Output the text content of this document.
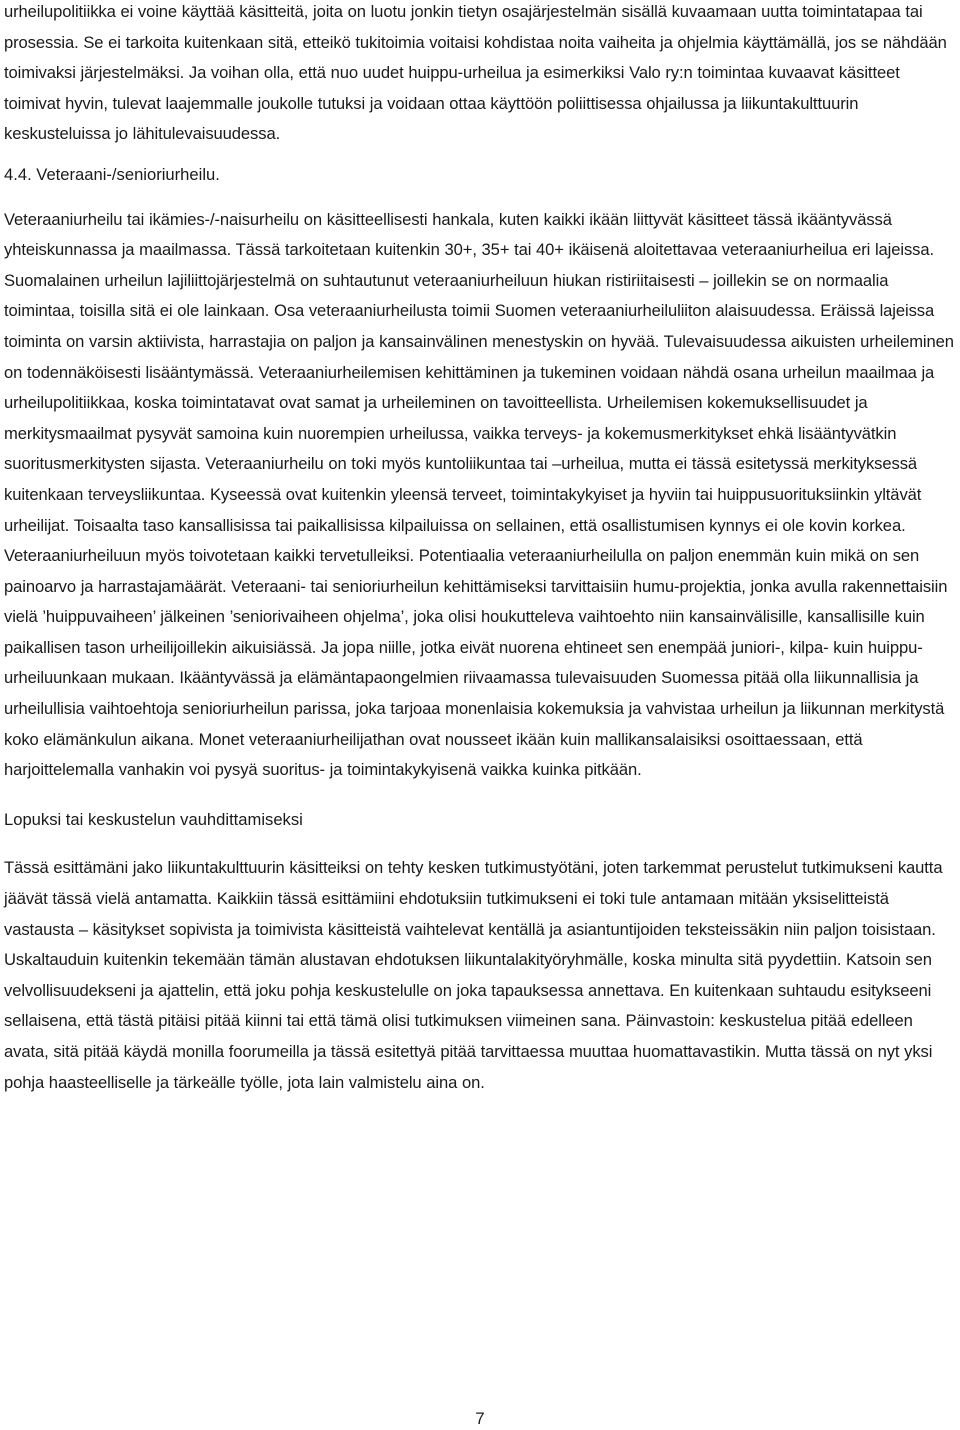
urheilupolitiikka ei voine käyttää käsitteitä, joita on luotu jonkin tietyn osajärjestelmän sisällä kuvaamaan uutta toimintatapaa tai prosessia. Se ei tarkoita kuitenkaan sitä, etteikö tukitoimia voitaisi kohdistaa noita vaiheita ja ohjelmia käyttämällä, jos se nähdään toimivaksi järjestelmäksi. Ja voihan olla, että nuo uudet huippu-urheilua ja esimerkiksi Valo ry:n toimintaa kuvaavat käsitteet toimivat hyvin, tulevat laajemmalle joukolle tutuksi ja voidaan ottaa käyttöön poliittisessa ohjailussa ja liikuntakulttuurin keskusteluissa jo lähitulevaisuudessa.

4.4. Veteraani-/senioriurheilu.

Veteraaniurheilu tai ikämies-/-naisurheilu on käsitteellisesti hankala, kuten kaikki ikään liittyvät käsitteet tässä ikääntyvässä yhteiskunnassa ja maailmassa. Tässä tarkoitetaan kuitenkin 30+, 35+ tai 40+ ikäisenä aloitettavaa veteraaniurheilua eri lajeissa. Suomalainen urheilun lajiliittojärjestelmä on suhtautunut veteraaniurheiluun hiukan ristiriitaisesti – joillekin se on normaalia toimintaa, toisilla sitä ei ole lainkaan. Osa veteraaniurheilusta toimii Suomen veteraaniurheiluliiton alaisuudessa. Eräissä lajeissa toiminta on varsin aktiivista, harrastajia on paljon ja kansainvälinen menestyskin on hyvää. Tulevaisuudessa aikuisten urheileminen on todennäköisesti lisääntymässä. Veteraaniurheilemisen kehittäminen ja tukeminen voidaan nähdä osana urheilun maailmaa ja urheilupolitiikkaa, koska toimintatavat ovat samat ja urheileminen on tavoitteellista. Urheilemisen kokemuksellisuudet ja merkitysmaailmat pysyvät samoina kuin nuorempien urheilussa, vaikka terveys- ja kokemusmerkitykset ehkä lisääntyvätkin suoritusmerkitysten sijasta. Veteraaniurheilu on toki myös kuntoliikuntaa tai –urheilua, mutta ei tässä esitetyssä merkityksessä kuitenkaan terveysliikuntaa. Kyseessä ovat kuitenkin yleensä terveet, toimintakykyiset ja hyviin tai huippusuorituksiinkin yltävät urheilijat. Toisaalta taso kansallisissa tai paikallisissa kilpailuissa on sellainen, että osallistumisen kynnys ei ole kovin korkea. Veteraaniurheiluun myös toivotetaan kaikki tervetulleiksi. Potentiaalia veteraaniurheilulla on paljon enemmän kuin mikä on sen painoarvo ja harrastajamäärät. Veteraani- tai senioriurheilun kehittämiseksi tarvittaisiin humu-projektia, jonka avulla rakennettaisiin vielä ’huippuvaiheen’ jälkeinen ’seniorivaiheen ohjelma’, joka olisi houkutteleva vaihtoehto niin kansainvälisille, kansallisille kuin paikallisen tason urheilijoillekin aikuisiässä. Ja jopa niille, jotka eivät nuorena ehtineet sen enempää juniori-, kilpa- kuin huippu-urheiluunkaan mukaan. Ikääntyvässä ja elämäntapaongelmien riivaamassa tulevaisuuden Suomessa pitää olla liikunnallisia ja urheilullisia vaihtoehtoja senioriurheilun parissa, joka tarjoaa monenlaisia kokemuksia ja vahvistaa urheilun ja liikunnan merkitystä koko elämänkulun aikana. Monet veteraaniurheilijathan ovat nousseet ikään kuin mallikansalaisiksi osoittaessaan, että harjoittelemalla vanhakin voi pysyä suoritus- ja toimintakykyisenä vaikka kuinka pitkään.

Lopuksi tai keskustelun vauhdittamiseksi

Tässä esittämäni jako liikuntakulttuurin käsitteiksi on tehty kesken tutkimustyötäni, joten tarkemmat perustelut tutkimukseni kautta jäävät tässä vielä antamatta. Kaikkiin tässä esittämiini ehdotuksiin tutkimukseni ei toki tule antamaan mitään yksiselitteistä vastausta – käsitykset sopivista ja toimivista käsitteistä vaihtelevat kentällä ja asiantuntijoiden teksteissäkin niin paljon toisistaan. Uskaltauduin kuitenkin tekemään tämän alustavan ehdotuksen liikuntalakityöryhmälle, koska minulta sitä pyydettiin. Katsoin sen velvollisuudekseni ja ajattelin, että joku pohja keskustelulle on joka tapauksessa annettava. En kuitenkaan suhtaudu esitykseeni sellaisena, että tästä pitäisi pitää kiinni tai että tämä olisi tutkimuksen viimeinen sana. Päinvastoin: keskustelua pitää edelleen avata, sitä pitää käydä monilla foorumeilla ja tässä esitettyä pitää tarvittaessa muuttaa huomattavastikin. Mutta tässä on nyt yksi pohja haasteelliselle ja tärkeälle työlle, jota lain valmistelu aina on.

7
